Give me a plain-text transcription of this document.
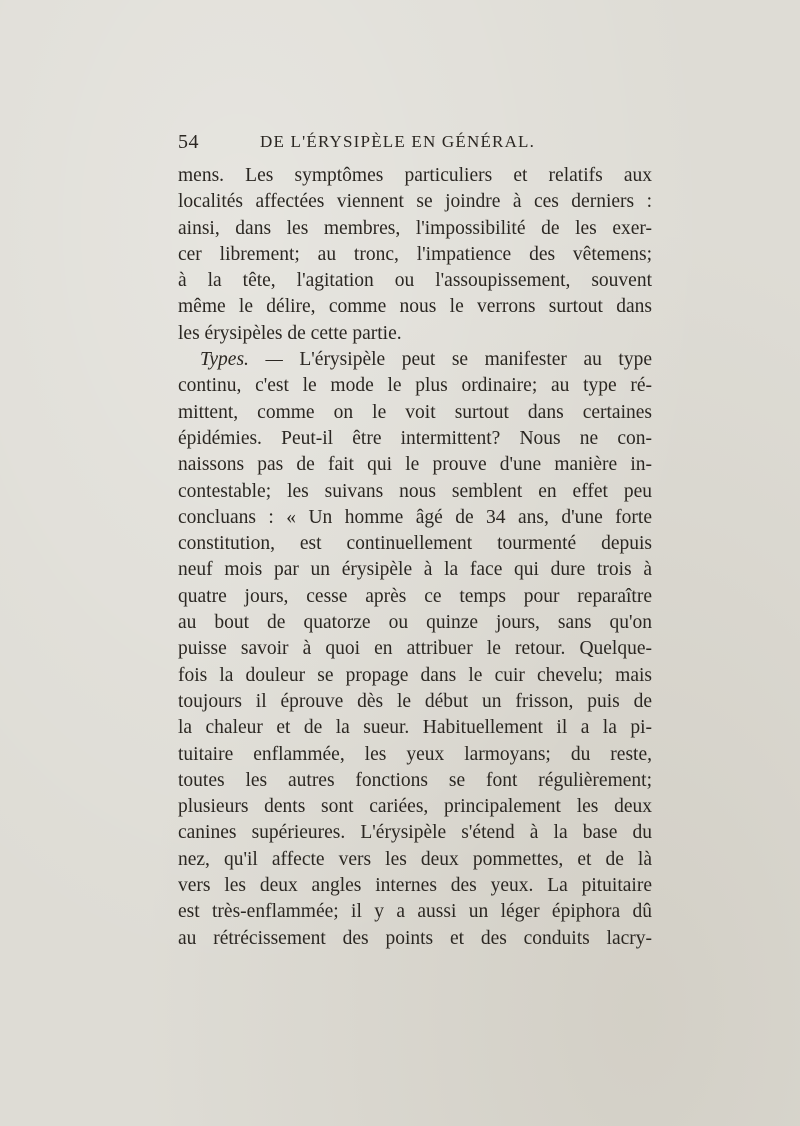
54	DE L'ÉRYSIPÈLE EN GÉNÉRAL.
mens. Les symptômes particuliers et relatifs aux
localités affectées viennent se joindre à ces derniers :
ainsi, dans les membres, l'impossibilité de les exer-
cer librement; au tronc, l'impatience des vêtemens;
à la tête, l'agitation ou l'assoupissement, souvent
même le délire, comme nous le verrons surtout dans
les érysipèles de cette partie.
Types. — L'érysipèle peut se manifester au type
continu, c'est le mode le plus ordinaire; au type ré-
mittent, comme on le voit surtout dans certaines
épidémies. Peut-il être intermittent? Nous ne con-
naissons pas de fait qui le prouve d'une manière in-
contestable; les suivans nous semblent en effet peu
concluans : « Un homme âgé de 34 ans, d'une forte
constitution, est continuellement tourmenté depuis
neuf mois par un érysipèle à la face qui dure trois à
quatre jours, cesse après ce temps pour reparaître
au bout de quatorze ou quinze jours, sans qu'on
puisse savoir à quoi en attribuer le retour. Quelque-
fois la douleur se propage dans le cuir chevelu; mais
toujours il éprouve dès le début un frisson, puis de
la chaleur et de la sueur. Habituellement il a la pi-
tuitaire enflammée, les yeux larmoyans; du reste,
toutes les autres fonctions se font régulièrement;
plusieurs dents sont cariées, principalement les deux
canines supérieures. L'érysipèle s'étend à la base du
nez, qu'il affecte vers les deux pommettes, et de là
vers les deux angles internes des yeux. La pituitaire
est très-enflammée; il y a aussi un léger épiphora dû
au rétrécissement des points et des conduits lacry-
